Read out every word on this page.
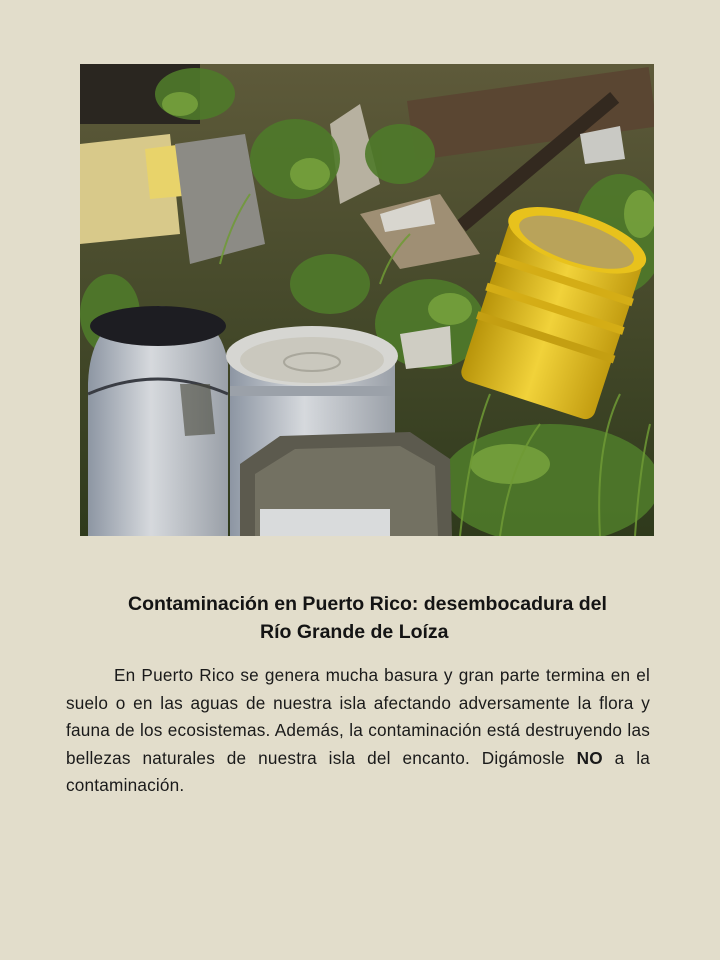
Contaminación en Puerto Rico: desembocadura del
Río Grande de Loíza

En Puerto Rico se genera mucha basura y gran parte termina en el suelo o en las aguas de nuestra isla afectando adversamente la flora y fauna de los ecosistemas. Además, la contaminación está destruyendo las bellezas naturales de nuestra isla del encanto. Digámosle NO a la contaminación.
